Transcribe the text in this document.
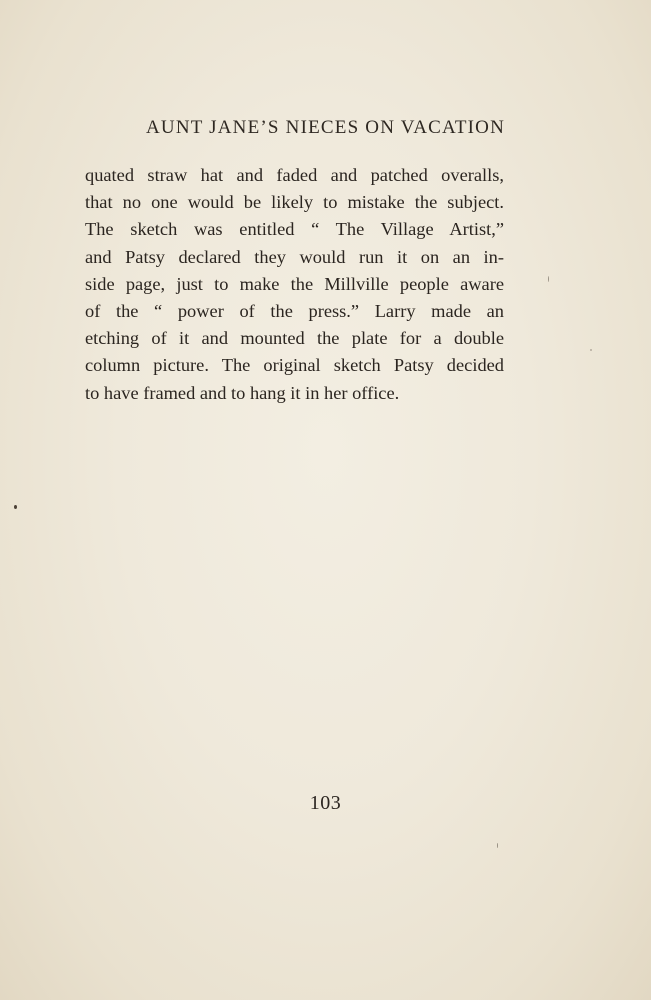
AUNT JANE’S NIECES ON VACATION
quated straw hat and faded and patched overalls,
that no one would be likely to mistake the subject.
The sketch was entitled “ The Village Artist,”
and Patsy declared they would run it on an in-
side page, just to make the Millville people aware
of the “ power of the press.” Larry made an
etching of it and mounted the plate for a double
column picture. The original sketch Patsy decided
to have framed and to hang it in her office.
103
